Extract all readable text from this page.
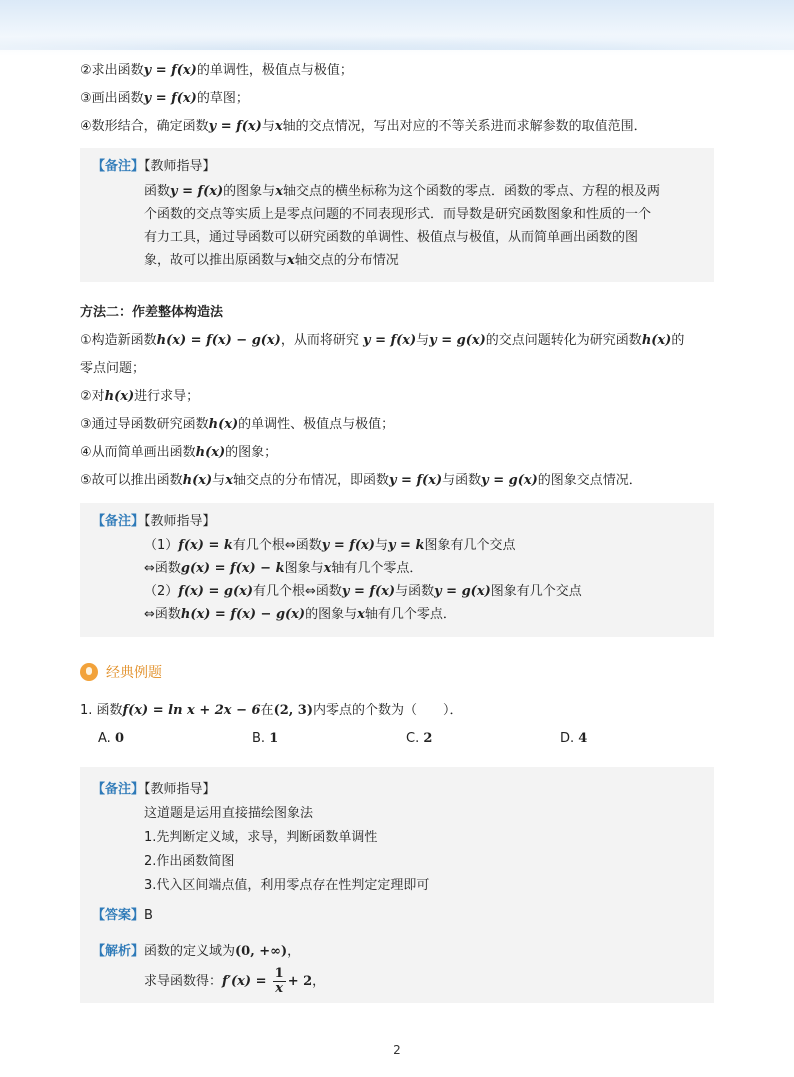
②求出函数y = f(x)的单调性，极值点与极值；
③画出函数y = f(x)的草图；
④数形结合，确定函数y = f(x)与x轴的交点情况，写出对应的不等关系进而求解参数的取值范围．
【备注】【教师指导】
函数y = f(x)的图象与x轴交点的横坐标称为这个函数的零点．函数的零点、方程的根及两
个函数的交点等实质上是零点问题的不同表现形式．而导数是研究函数图象和性质的一个
有力工具，通过导函数可以研究函数的单调性、极值点与极值，从而简单画出函数的图
象，故可以推出原函数与x轴交点的分布情况
方法二：作差整体构造法
①构造新函数h(x) = f(x) − g(x)，从而将研究 y = f(x)与y = g(x)的交点问题转化为研究函数h(x)的
零点问题；
②对h(x)进行求导；
③通过导函数研究函数h(x)的单调性、极值点与极值；
④从而简单画出函数h(x)的图象；
⑤故可以推出函数h(x)与x轴交点的分布情况，即函数y = f(x)与函数y = g(x)的图象交点情况．
【备注】【教师指导】
（1）f(x) = k有几个根⇔函数y = f(x)与y = k图象有几个交点
⇔函数g(x) = f(x) − k图象与x轴有几个零点．
（2）f(x) = g(x)有几个根⇔函数y = f(x)与函数y = g(x)图象有几个交点
⇔函数h(x) = f(x) − g(x)的图象与x轴有几个零点．
经典例题
1. 函数f(x) = ln x + 2x − 6在(2, 3)内零点的个数为（　　）．
A. 0	B. 1	C. 2	D. 4
【备注】【教师指导】
这道题是运用直接描绘图象法
1.先判断定义域，求导，判断函数单调性
2.作出函数简图
3.代入区间端点值，利用零点存在性判定定理即可
【答案】B
【解析】函数的定义域为(0, +∞)，
求导函数得：$f'(x) = \frac{1}{x} + 2$，
2
